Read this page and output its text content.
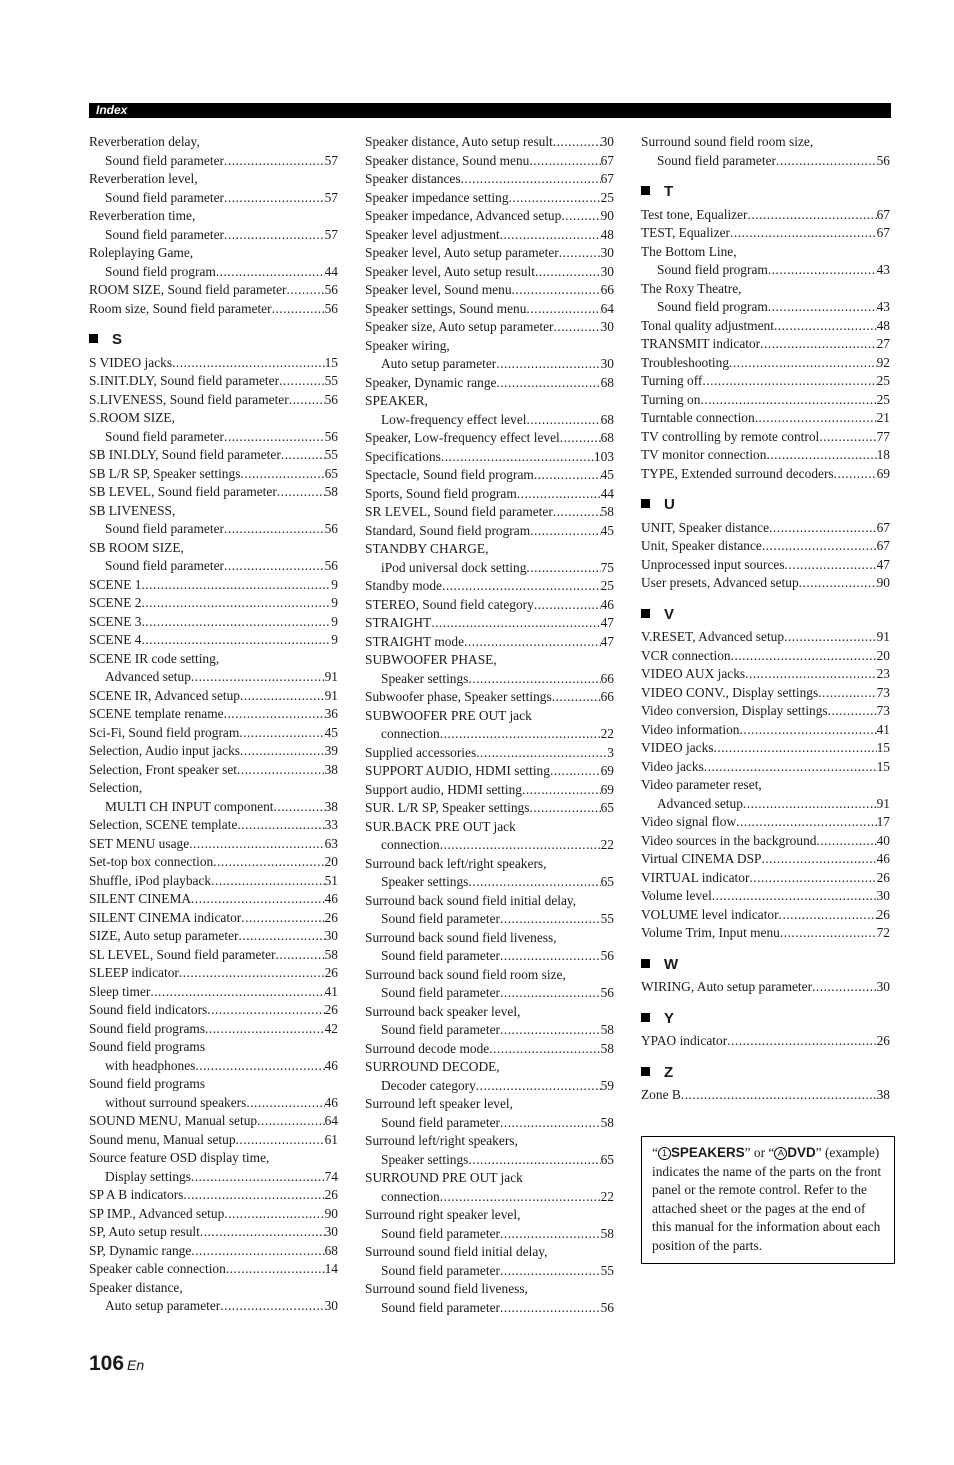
Index
Reverberation delay,
Sound field parameter .....	57
Reverberation level,
Sound field parameter .....	57
Reverberation time,
Sound field parameter .....	57
Roleplaying Game,
Sound field program .....	44
ROOM SIZE, Sound field parameter .....	56
Room size, Sound field parameter .....	56
S
S VIDEO jacks .....	15
S.INIT.DLY, Sound field parameter .....	55
S.LIVENESS, Sound field parameter .....	56
S.ROOM SIZE,
Sound field parameter .....	56
SB INI.DLY, Sound field parameter .....	55
SB L/R SP, Speaker settings .....	65
SB LEVEL, Sound field parameter .....	58
SB LIVENESS,
Sound field parameter .....	56
SB ROOM SIZE,
Sound field parameter .....	56
SCENE 1 .....	9
SCENE 2 .....	9
SCENE 3 .....	9
SCENE 4 .....	9
SCENE IR code setting,
Advanced setup .....	91
SCENE IR, Advanced setup .....	91
SCENE template rename .....	36
Sci-Fi, Sound field program .....	45
Selection, Audio input jacks .....	39
Selection, Front speaker set .....	38
Selection,
MULTI CH INPUT component .....	38
Selection, SCENE template .....	33
SET MENU usage .....	63
Set-top box connection .....	20
Shuffle, iPod playback .....	51
SILENT CINEMA .....	46
SILENT CINEMA indicator .....	26
SIZE, Auto setup parameter .....	30
SL LEVEL, Sound field parameter .....	58
SLEEP indicator .....	26
Sleep timer .....	41
Sound field indicators .....	26
Sound field programs .....	42
Sound field programs
with headphones .....	46
Sound field programs
without surround speakers .....	46
SOUND MENU, Manual setup .....	64
Sound menu, Manual setup .....	61
Source feature OSD display time,
Display settings .....	74
SP A B indicators .....	26
SP IMP., Advanced setup .....	90
SP, Auto setup result .....	30
SP, Dynamic range .....	68
Speaker cable connection .....	14
Speaker distance,
Auto setup parameter .....	30
Speaker distance, Auto setup result .....	30
Speaker distance, Sound menu .....	67
Speaker distances .....	67
Speaker impedance setting .....	25
Speaker impedance, Advanced setup .....	90
Speaker level adjustment .....	48
Speaker level, Auto setup parameter .....	30
Speaker level, Auto setup result .....	30
Speaker level, Sound menu .....	66
Speaker settings, Sound menu .....	64
Speaker size, Auto setup parameter .....	30
Speaker wiring,
Auto setup parameter .....	30
Speaker, Dynamic range .....	68
SPEAKER,
Low-frequency effect level .....	68
Speaker, Low-frequency effect level .....	68
Specifications .....	103
Spectacle, Sound field program .....	45
Sports, Sound field program .....	44
SR LEVEL, Sound field parameter .....	58
Standard, Sound field program .....	45
STANDBY CHARGE,
iPod universal dock setting .....	75
Standby mode .....	25
STEREO, Sound field category .....	46
STRAIGHT .....	47
STRAIGHT mode .....	47
SUBWOOFER PHASE,
Speaker settings .....	66
Subwoofer phase, Speaker settings .....	66
SUBWOOFER PRE OUT jack
connection .....	22
Supplied accessories .....	3
SUPPORT AUDIO, HDMI setting .....	69
Support audio, HDMI setting .....	69
SUR. L/R SP, Speaker settings .....	65
SUR.BACK PRE OUT jack
connection .....	22
Surround back left/right speakers,
Speaker settings .....	65
Surround back sound field initial delay,
Sound field parameter .....	55
Surround back sound field liveness,
Sound field parameter .....	56
Surround back sound field room size,
Sound field parameter .....	56
Surround back speaker level,
Sound field parameter .....	58
Surround decode mode .....	58
SURROUND DECODE,
Decoder category .....	59
Surround left speaker level,
Sound field parameter .....	58
Surround left/right speakers,
Speaker settings .....	65
SURROUND PRE OUT jack
connection .....	22
Surround right speaker level,
Sound field parameter .....	58
Surround sound field initial delay,
Sound field parameter .....	55
Surround sound field liveness,
Sound field parameter .....	56
Surround sound field room size,
Sound field parameter .....	56
T
Test tone, Equalizer .....	67
TEST, Equalizer .....	67
The Bottom Line,
Sound field program .....	43
The Roxy Theatre,
Sound field program .....	43
Tonal quality adjustment .....	48
TRANSMIT indicator .....	27
Troubleshooting .....	92
Turning off .....	25
Turning on .....	25
Turntable connection .....	21
TV controlling by remote control .....	77
TV monitor connection .....	18
TYPE, Extended surround decoders .....	69
U
UNIT, Speaker distance .....	67
Unit, Speaker distance .....	67
Unprocessed input sources .....	47
User presets, Advanced setup .....	90
V
V.RESET, Advanced setup .....	91
VCR connection .....	20
VIDEO AUX jacks .....	23
VIDEO CONV., Display settings .....	73
Video conversion, Display settings .....	73
Video information .....	41
VIDEO jacks .....	15
Video jacks .....	15
Video parameter reset,
Advanced setup .....	91
Video signal flow .....	17
Video sources in the background .....	40
Virtual CINEMA DSP .....	46
VIRTUAL indicator .....	26
Volume level .....	30
VOLUME level indicator .....	26
Volume Trim, Input menu .....	72
W
WIRING, Auto setup parameter .....	30
Y
YPAO indicator .....	26
Z
Zone B .....	38
“ 1 SPEAKERS” or “ A DVD” (example) indicates the name of the parts on the front panel or the remote control. Refer to the attached sheet or the pages at the end of this manual for the information about each position of the parts.
106 En
